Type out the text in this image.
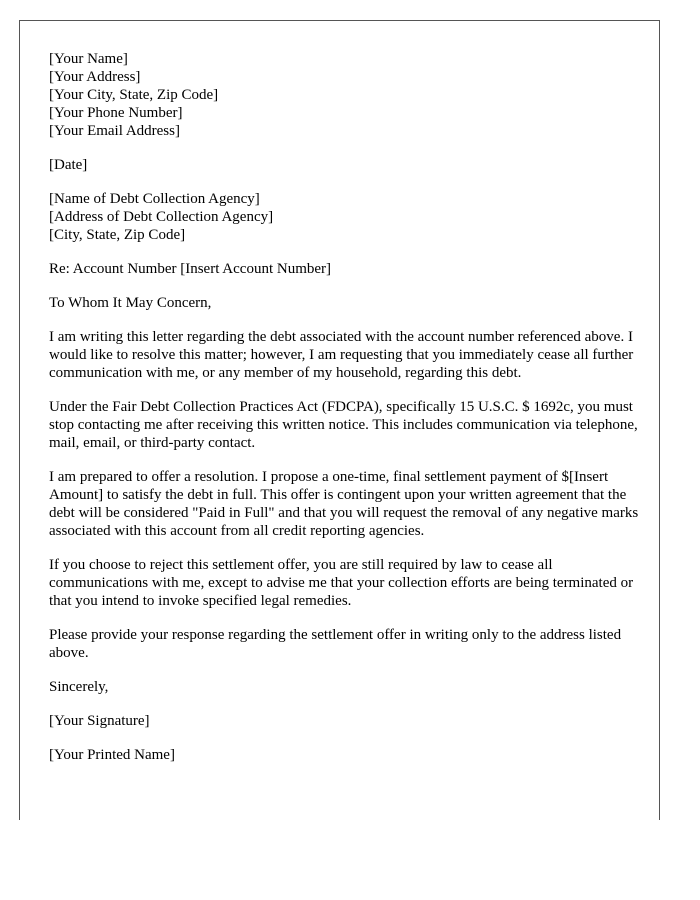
[Your Name]
[Your Address]
[Your City, State, Zip Code]
[Your Phone Number]
[Your Email Address]
[Date]
[Name of Debt Collection Agency]
[Address of Debt Collection Agency]
[City, State, Zip Code]
Re: Account Number [Insert Account Number]
To Whom It May Concern,

I am writing this letter regarding the debt associated with the account number referenced above. I would like to resolve this matter; however, I am requesting that you immediately cease all further communication with me, or any member of my household, regarding this debt.

Under the Fair Debt Collection Practices Act (FDCPA), specifically 15 U.S.C. $ 1692c, you must stop contacting me after receiving this written notice. This includes communication via telephone, mail, email, or third-party contact.

I am prepared to offer a resolution. I propose a one-time, final settlement payment of $[Insert Amount] to satisfy the debt in full. This offer is contingent upon your written agreement that the debt will be considered "Paid in Full" and that you will request the removal of any negative marks associated with this account from all credit reporting agencies.

If you choose to reject this settlement offer, you are still required by law to cease all communications with me, except to advise me that your collection efforts are being terminated or that you intend to invoke specified legal remedies.

Please provide your response regarding the settlement offer in writing only to the address listed above.

Sincerely,
[Your Signature]
[Your Printed Name]
